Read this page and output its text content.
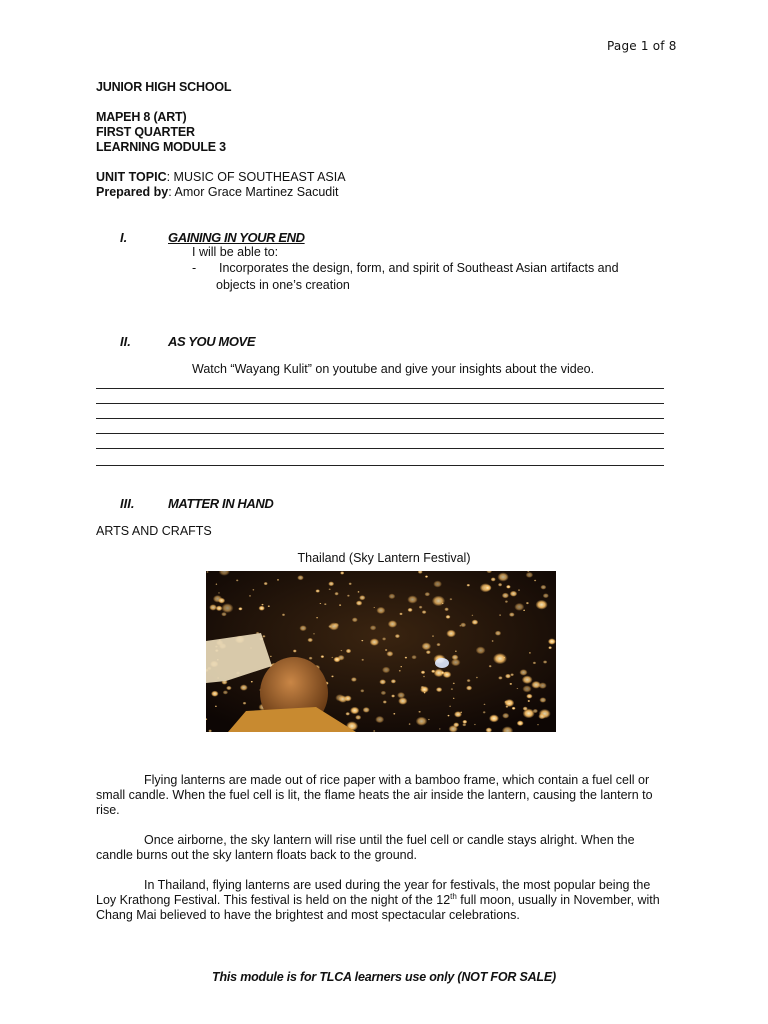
Page 1 of 8
JUNIOR HIGH SCHOOL
MAPEH 8 (ART)
FIRST QUARTER
LEARNING MODULE 3
UNIT TOPIC: MUSIC OF SOUTHEAST ASIA
Prepared by: Amor Grace Martinez Sacudit
I.	GAINING IN YOUR END
I will be able to:
- Incorporates the design, form, and spirit of Southeast Asian artifacts and
objects in one’s creation
II.	AS YOU MOVE
Watch “Wayang Kulit” on youtube and give your insights about the video.
III.	MATTER IN HAND
ARTS AND CRAFTS
Thailand (Sky Lantern Festival)
Flying lanterns are made out of rice paper with a bamboo frame, which contain a fuel cell or small candle. When the fuel cell is lit, the flame heats the air inside the lantern, causing the lantern to rise.
Once airborne, the sky lantern will rise until the fuel cell or candle stays alright. When the candle burns out the sky lantern floats back to the ground.
In Thailand, flying lanterns are used during the year for festivals, the most popular being the Loy Krathong Festival. This festival is held on the night of the 12th full moon, usually in November, with Chang Mai believed to have the brightest and most spectacular celebrations.
This module is for TLCA learners use only (NOT FOR SALE)
